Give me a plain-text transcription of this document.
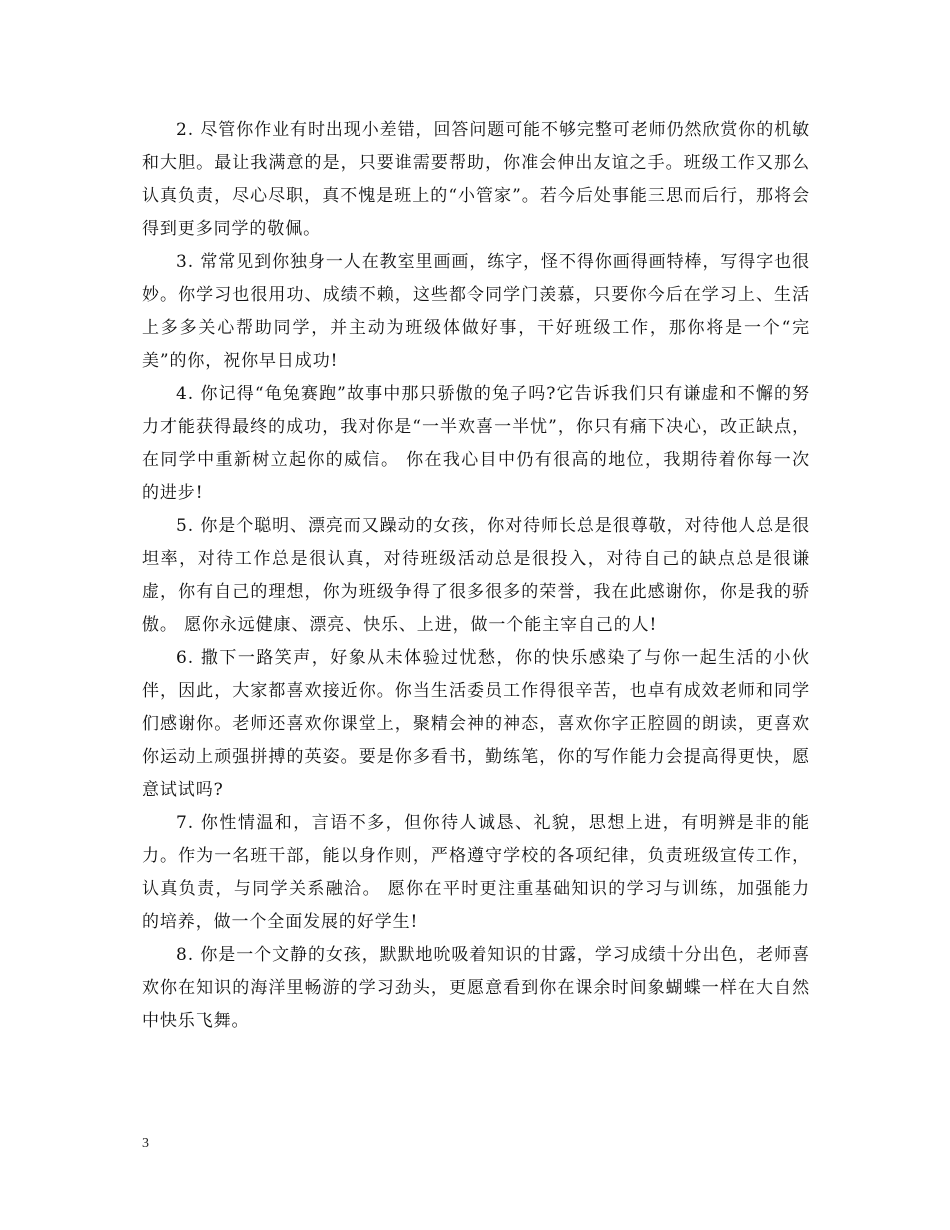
2. 尽管你作业有时出现小差错，回答问题可能不够完整可老师仍然欣赏你的机敏和大胆。最让我满意的是，只要谁需要帮助，你准会伸出友谊之手。班级工作又那么认真负责，尽心尽职，真不愧是班上的“小管家”。若今后处事能三思而后行，那将会得到更多同学的敬佩。

3. 常常见到你独身一人在教室里画画，练字，怪不得你画得画特棒，写得字也很妙。你学习也很用功、成绩不赖，这些都令同学门羡慕，只要你今后在学习上、生活上多多关心帮助同学，并主动为班级体做好事，干好班级工作，那你将是一个“完美”的你，祝你早日成功!

4. 你记得“龟兔赛跑”故事中那只骄傲的兔子吗?它告诉我们只有谦虚和不懈的努力才能获得最终的成功，我对你是“一半欢喜一半忧”，你只有痛下决心，改正缺点，在同学中重新树立起你的威信。 你在我心目中仍有很高的地位，我期待着你每一次的进步!

5. 你是个聪明、漂亮而又躁动的女孩，你对待师长总是很尊敬，对待他人总是很坦率，对待工作总是很认真，对待班级活动总是很投入，对待自己的缺点总是很谦虚，你有自己的理想，你为班级争得了很多很多的荣誉，我在此感谢你，你是我的骄傲。 愿你永远健康、漂亮、快乐、上进，做一个能主宰自己的人!

6. 撒下一路笑声，好象从未体验过忧愁，你的快乐感染了与你一起生活的小伙伴，因此，大家都喜欢接近你。你当生活委员工作得很辛苦，也卓有成效老师和同学们感谢你。老师还喜欢你课堂上，聚精会神的神态，喜欢你字正腔圆的朗读，更喜欢你运动上顽强拼搏的英姿。要是你多看书，勤练笔，你的写作能力会提高得更快，愿意试试吗?

7. 你性情温和，言语不多，但你待人诚恳、礼貌，思想上进，有明辨是非的能力。作为一名班干部，能以身作则，严格遵守学校的各项纪律，负责班级宣传工作，认真负责，与同学关系融洽。 愿你在平时更注重基础知识的学习与训练，加强能力的培养，做一个全面发展的好学生!

8. 你是一个文静的女孩，默默地吮吸着知识的甘露，学习成绩十分出色，老师喜欢你在知识的海洋里畅游的学习劲头，更愿意看到你在课余时间象蝴蝶一样在大自然中快乐飞舞。

3
